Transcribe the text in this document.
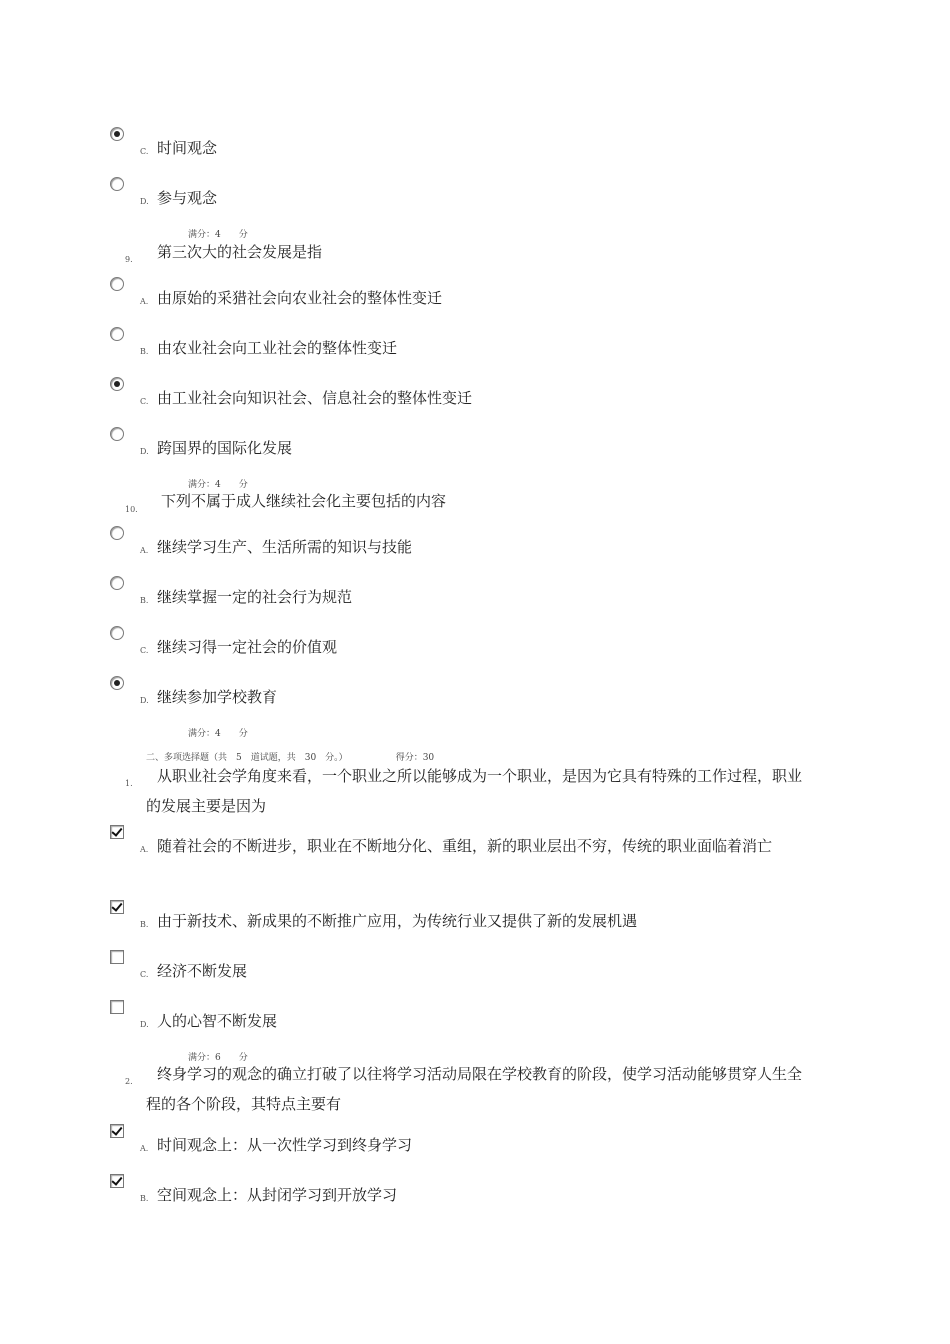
C. 时间观念
D. 参与观念
满分：4 分
9.	第三次大的社会发展是指
A. 由原始的采猎社会向农业社会的整体性变迁
B. 由农业社会向工业社会的整体性变迁
C. 由工业社会向知识社会、信息社会的整体性变迁
D. 跨国界的国际化发展
满分：4 分
10.	下列不属于成人继续社会化主要包括的内容
A. 继续学习生产、生活所需的知识与技能
B. 继续掌握一定的社会行为规范
C. 继续习得一定社会的价值观
D. 继续参加学校教育
满分：4 分
二、多项选择题（共　5　道试题，共　30　分。）	得分：30
1.	从职业社会学角度来看，一个职业之所以能够成为一个职业，是因为它具有特殊的工作过程，职业的发展主要是因为
A. 随着社会的不断进步，职业在不断地分化、重组，新的职业层出不穷，传统的职业面临着消亡
B. 由于新技术、新成果的不断推广应用，为传统行业又提供了新的发展机遇
C. 经济不断发展
D. 人的心智不断发展
满分：6 分
2.	终身学习的观念的确立打破了以往将学习活动局限在学校教育的阶段，使学习活动能够贯穿人生全程的各个阶段，其特点主要有
A. 时间观念上：从一次性学习到终身学习
B. 空间观念上：从封闭学习到开放学习
